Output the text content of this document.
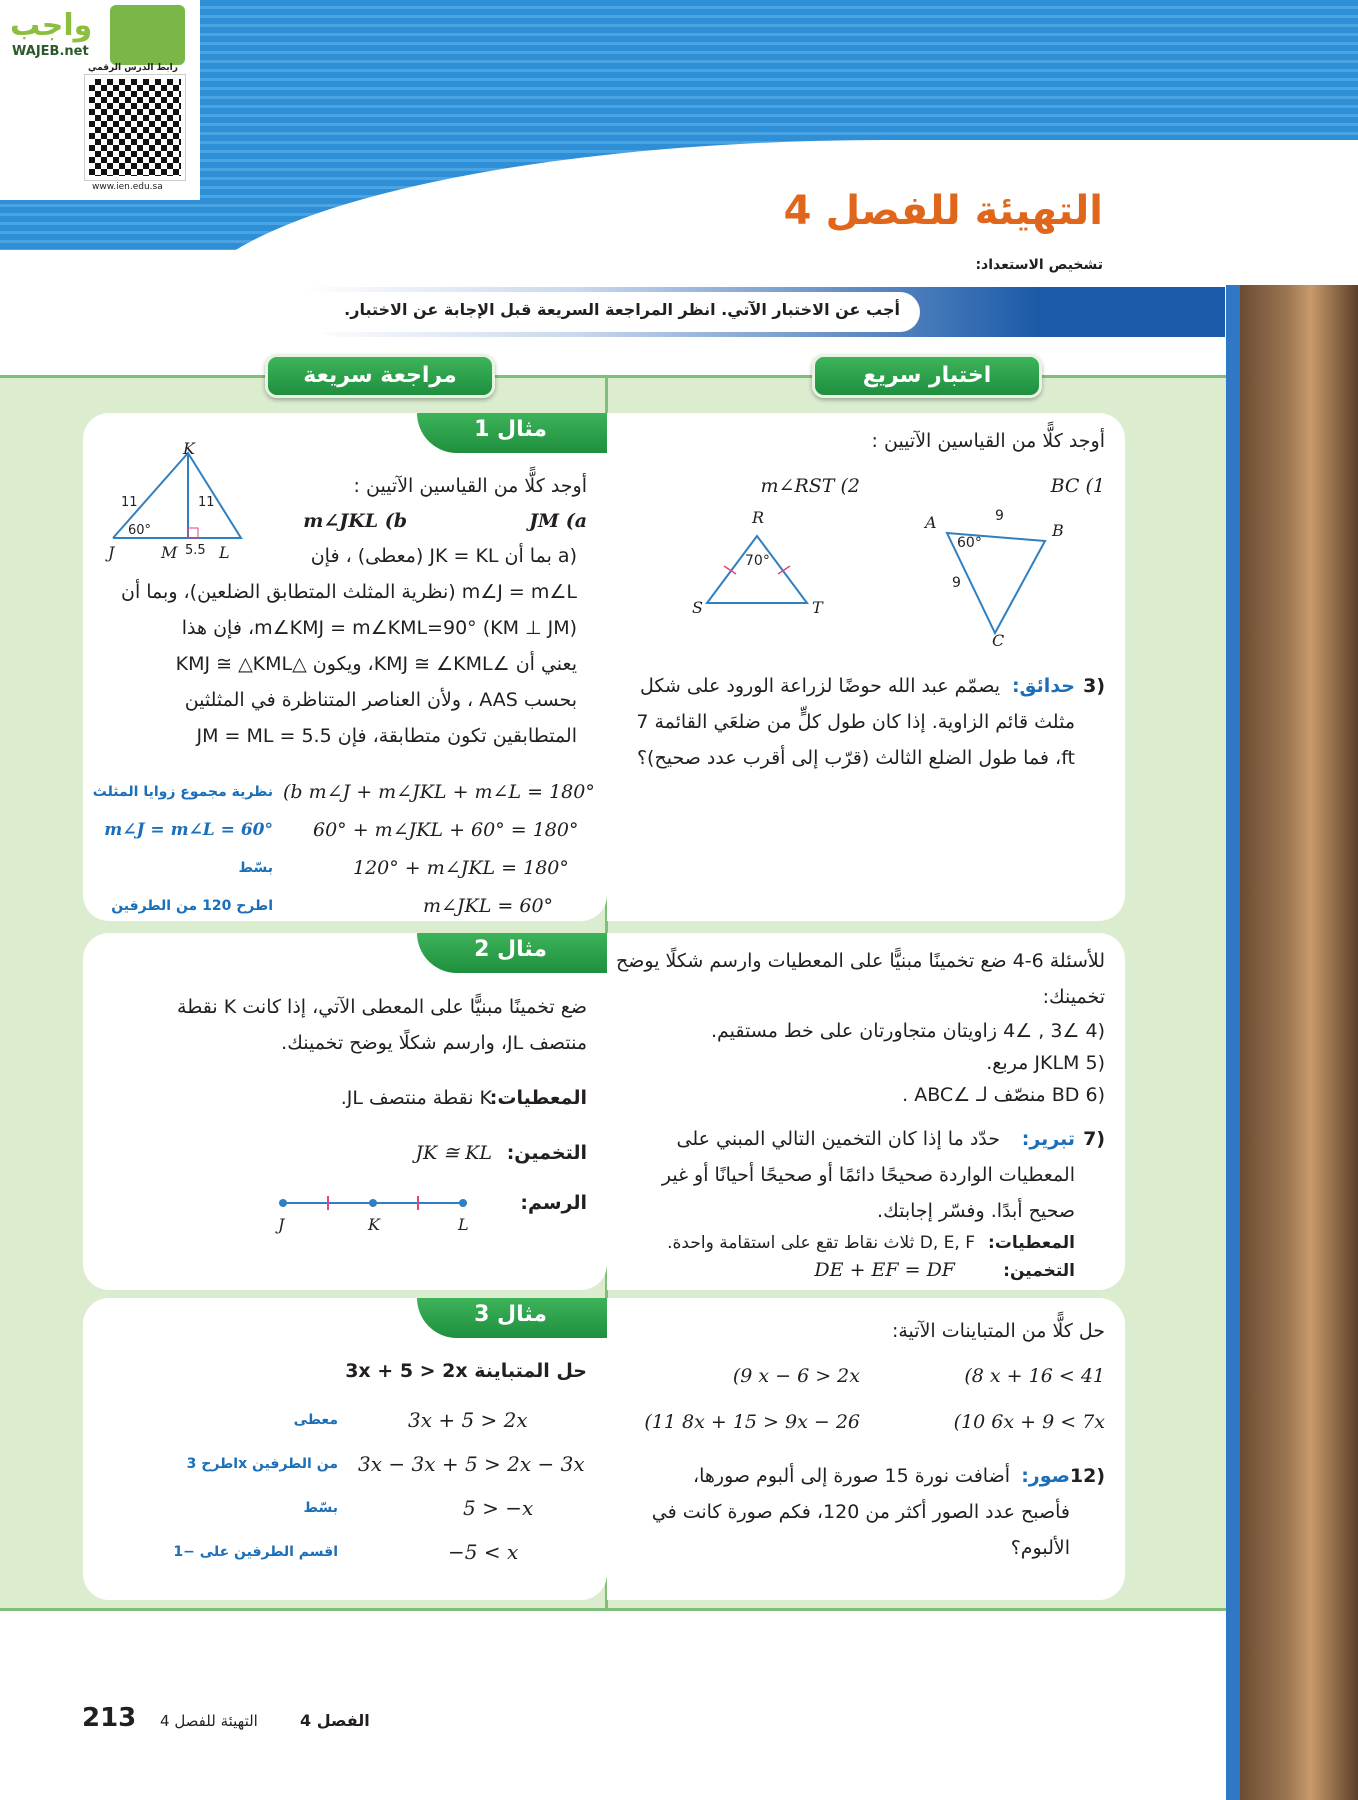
واجب
WAJEB.net
رابط الدرس الرقمي
www.ien.edu.sa
التهيئة للفصل 4
تشخيص الاستعداد:
أجب عن الاختبار الآتي. انظر المراجعة السريعة قبل الإجابة عن الاختبار.
مراجعة سريعة	اختبار سريع
مثال 1
K
11	11
60°
J	M 5.5 L
أوجد كلًّا من القياسين الآتيين :
JM (a
m∠JKL (b
(a بما أن JK = KL (معطى) ، فإن
m∠J = m∠L (نظرية المثلث المتطابق الضلعين)، وبما أن
m∠KMJ = m∠KML=90° (KM ⊥ JM)، فإن هذا
يعني أن ∠KMJ ≅ ∠KML، ويكون △KMJ ≅ △KML
بحسب AAS ، ولأن العناصر المتناظرة في المثلثين
المتطابقين تكون متطابقة، فإن JM = ML = 5.5
نظرية مجموع زوايا المثلث (b m∠J + m∠JKL + m∠L = 180°
m∠J = m∠L = 60° 60° + m∠JKL + 60° = 180°
بسّط	120° + m∠JKL = 180°
اطرح 120 من الطرفين	m∠JKL = 60°
مثال 2
ضع تخمينًا مبنيًّا على المعطى الآتي، إذا كانت K نقطة منتصف JL، وارسم شكلًا يوضح تخمينك.
المعطيات:
K نقطة منتصف JL.
التخمين:
JK ≅ KL
الرسم:
J	K	L
مثال 3
حل المتباينة 3x + 5 > 2x
معطى	3x + 5 > 2x
اطرح 3x من الطرفين 3x − 3x + 5 > 2x − 3x
بسّط	5 > −x
اقسم الطرفين على −1	−5 < x
أوجد كلًّا من القياسين الآتيين :
BC (1
m∠RST (2
A	B
C
9
9
60°
R
S	T
70°
(3
حدائق:
يصمّم عبد الله حوضًا لزراعة الورود على شكل مثلث قائم الزاوية. إذا كان طول كلٍّ من ضلعَي القائمة 7 ft، فما طول الضلع الثالث (قرّب إلى أقرب عدد صحيح)؟
للأسئلة 6-4 ضع تخمينًا مبنيًّا على المعطيات وارسم شكلًا يوضح تخمينك:
(4 ∠3 , ∠4 زاويتان متجاورتان على خط مستقيم.
(5 JKLM مربع.
(6 BD منصّف لـ ∠ABC .
(7
تبرير:
حدّد ما إذا كان التخمين التالي المبني على المعطيات الواردة صحيحًا دائمًا أو صحيحًا أحيانًا أو غير صحيح أبدًا. وفسّر إجابتك.
المعطيات:
D, E, F ثلاث نقاط تقع على استقامة واحدة.
التخمين:
DE + EF = DF
حل كلًّا من المتباينات الآتية:
(8 x + 16 < 41
(9 x − 6 > 2x
(10 6x + 9 < 7x
(11 8x + 15 > 9x − 26
(12
صور:
أضافت نورة 15 صورة إلى ألبوم صورها، فأصبح عدد الصور أكثر من 120، فكم صورة كانت في الألبوم؟
213 التهيئة للفصل 4	الفصل 4
